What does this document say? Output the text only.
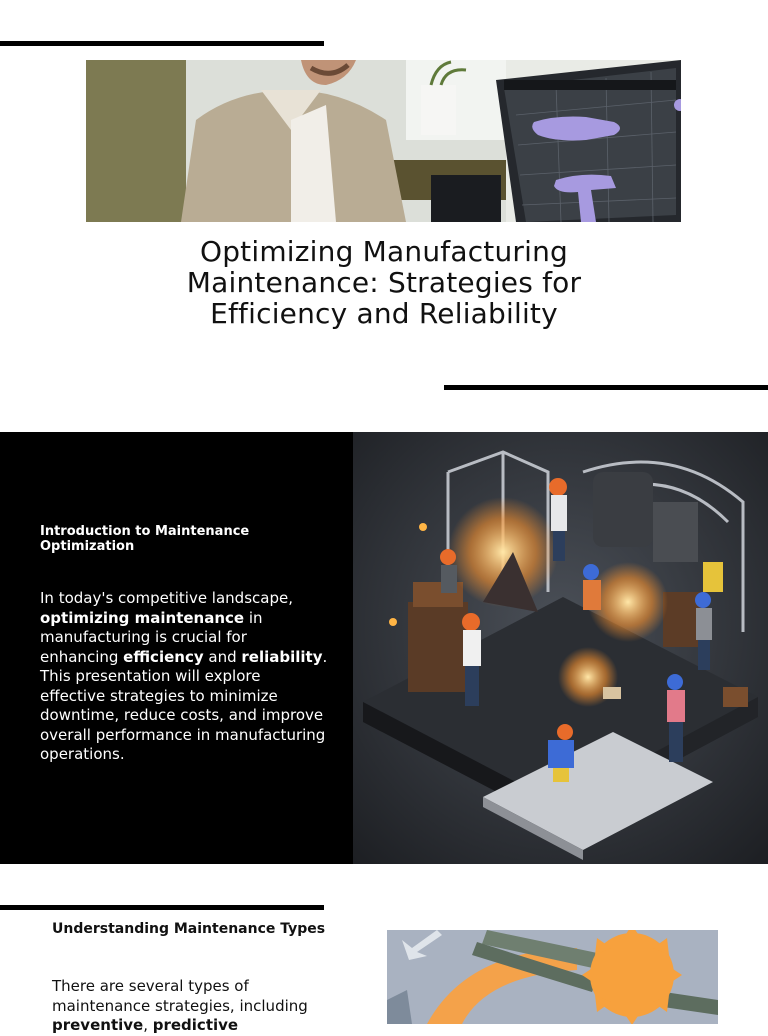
Optimizing Manufacturing
Maintenance: Strategies for
Efficiency and Reliability
Introduction to Maintenance
Optimization

In today's competitive landscape, optimizing maintenance in manufacturing is crucial for enhancing efficiency and reliability. This presentation will explore effective strategies to minimize downtime, reduce costs, and improve overall performance in manufacturing operations.

Understanding Maintenance Types

There are several types of maintenance strategies, including preventive, predictive
